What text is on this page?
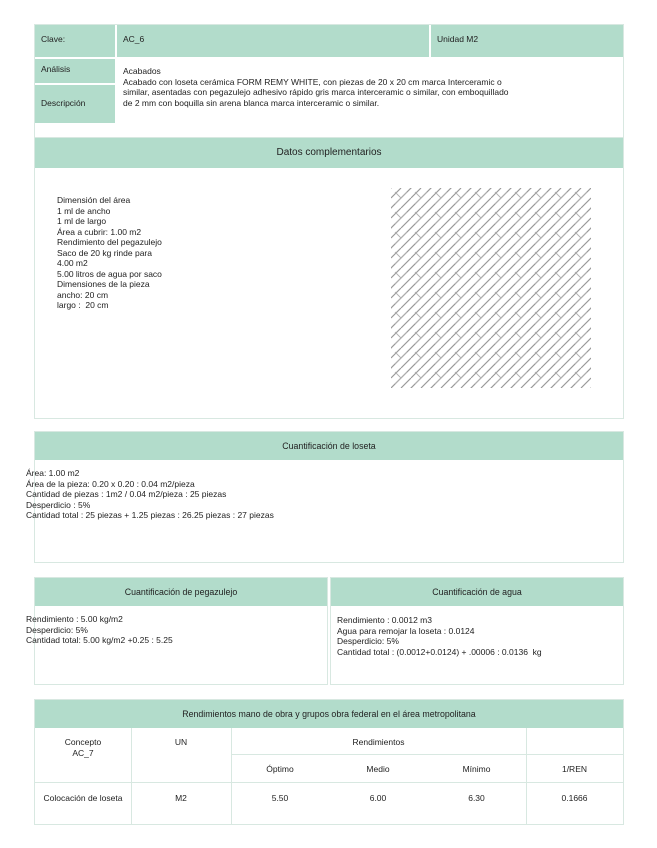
Clave:	AC_6	Unidad M2
Análisis
Descripción
Acabados
Acabado con loseta cerámica FORM REMY WHITE, con piezas de 20 x 20 cm marca Interceramic o
similar, asentadas con pegazulejo adhesivo rápido gris marca interceramic o similar, con emboquillado
de 2 mm con boquilla sin arena blanca marca interceramic o similar.
Datos complementarios
Dimensión del área
1 ml de ancho
1 ml de largo
Área a cubrir: 1.00 m2
Rendimiento del pegazulejo
Saco de 20 kg rinde para
4.00 m2
5.00 litros de agua por saco
Dimensiones de la pieza
ancho: 20 cm
largo :  20 cm
Cuantificación de loseta
Área: 1.00 m2
Área de la pieza: 0.20 x 0.20 : 0.04 m2/pieza
Cantidad de piezas : 1m2 / 0.04 m2/pieza : 25 piezas
Desperdicio : 5%
Cantidad total : 25 piezas + 1.25 piezas : 26.25 piezas : 27 piezas
Cuantificación de pegazulejo
Rendimiento : 5.00 kg/m2
Desperdicio: 5%
Cantidad total: 5.00 kg/m2 +0.25 : 5.25
Cuantificación de agua
Rendimiento : 0.0012 m3
Agua para remojar la loseta : 0.0124
Desperdicio: 5%
Cantidad total : (0.0012+0.0124) + .00006 : 0.0136  kg
Rendimientos mano de obra y grupos obra federal en el área metropolitana
Concepto
AC_7
UN	Rendimientos
Óptimo	Medio	Mínimo	1/REN
Colocación de loseta	M2	5.50	6.00	6.30	0.1666
